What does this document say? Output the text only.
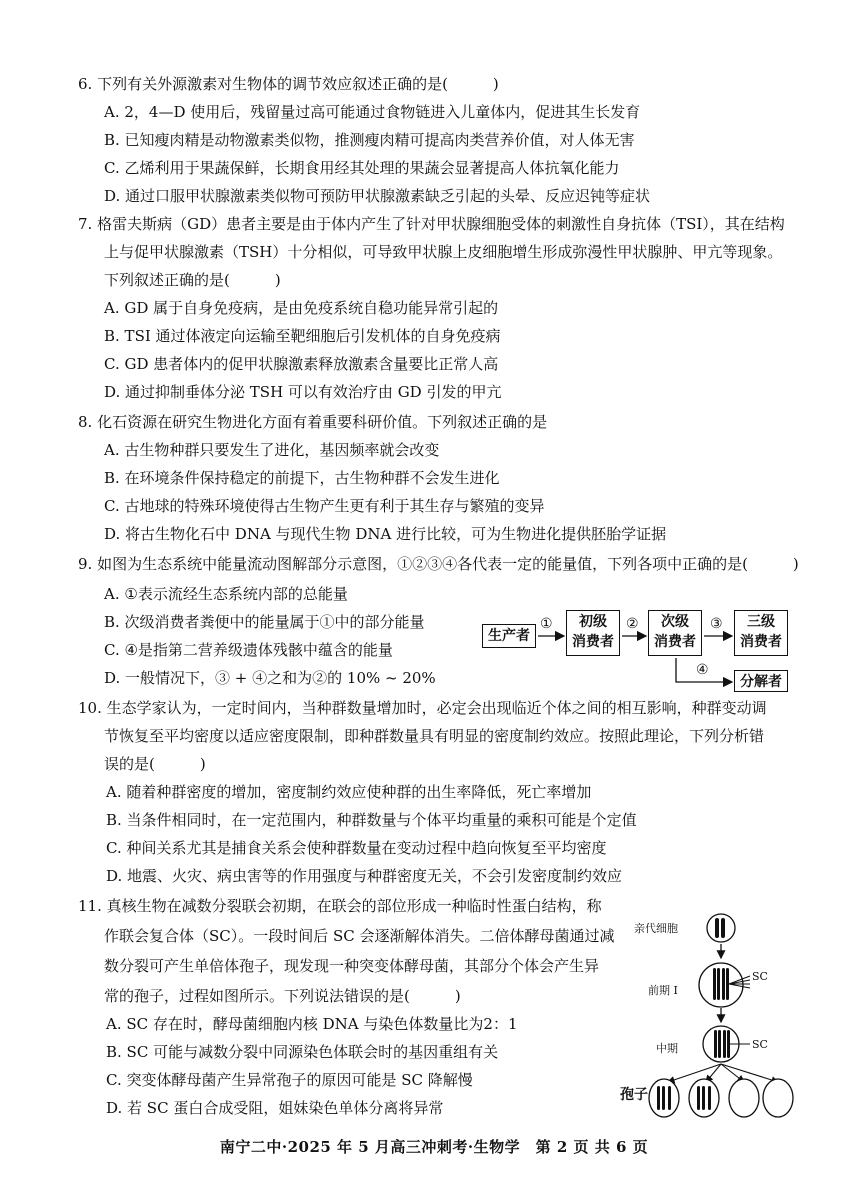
6. 下列有关外源激素对生物体的调节效应叙述正确的是(　　　)
A. 2，4—D 使用后，残留量过高可能通过食物链进入儿童体内，促进其生长发育
B. 已知瘦肉精是动物激素类似物，推测瘦肉精可提高肉类营养价值，对人体无害
C. 乙烯利用于果蔬保鲜，长期食用经其处理的果蔬会显著提高人体抗氧化能力
D. 通过口服甲状腺激素类似物可预防甲状腺激素缺乏引起的头晕、反应迟钝等症状
7. 格雷夫斯病（GD）患者主要是由于体内产生了针对甲状腺细胞受体的刺激性自身抗体（TSI），其在结构
上与促甲状腺激素（TSH）十分相似，可导致甲状腺上皮细胞增生形成弥漫性甲状腺肿、甲亢等现象。
下列叙述正确的是(　　　)
A. GD 属于自身免疫病，是由免疫系统自稳功能异常引起的
B. TSI 通过体液定向运输至靶细胞后引发机体的自身免疫病
C. GD 患者体内的促甲状腺激素释放激素含量要比正常人高
D. 通过抑制垂体分泌 TSH 可以有效治疗由 GD 引发的甲亢
8. 化石资源在研究生物进化方面有着重要科研价值。下列叙述正确的是
A. 古生物种群只要发生了进化，基因频率就会改变
B. 在环境条件保持稳定的前提下，古生物种群不会发生进化
C. 古地球的特殊环境使得古生物产生更有利于其生存与繁殖的变异
D. 将古生物化石中 DNA 与现代生物 DNA 进行比较，可为生物进化提供胚胎学证据
9. 如图为生态系统中能量流动图解部分示意图，①②③④各代表一定的能量值，下列各项中正确的是(　　　)
A. ①表示流经生态系统内部的总能量
B. 次级消费者粪便中的能量属于①中的部分能量
C. ④是指第二营养级遗体残骸中蕴含的能量
D. 一般情况下，③ + ④之和为②的 10% ~ 20%
10. 生态学家认为，一定时间内，当种群数量增加时，必定会出现临近个体之间的相互影响，种群变动调
节恢复至平均密度以适应密度限制，即种群数量具有明显的密度制约效应。按照此理论，下列分析错
误的是(　　　)
A. 随着种群密度的增加，密度制约效应使种群的出生率降低，死亡率增加
B. 当条件相同时，在一定范围内，种群数量与个体平均重量的乘积可能是个定值
C. 种间关系尤其是捕食关系会使种群数量在变动过程中趋向恢复至平均密度
D. 地震、火灾、病虫害等的作用强度与种群密度无关，不会引发密度制约效应
11. 真核生物在减数分裂联会初期，在联会的部位形成一种临时性蛋白结构，称
作联会复合体（SC）。一段时间后 SC 会逐渐解体消失。二倍体酵母菌通过减
数分裂可产生单倍体孢子，现发现一种突变体酵母菌，其部分个体会产生异
常的孢子，过程如图所示。下列说法错误的是(　　　)
A. SC 存在时，酵母菌细胞内核 DNA 与染色体数量比为2：1
B. SC 可能与减数分裂中同源染色体联会时的基因重组有关
C. 突变体酵母菌产生异常孢子的原因可能是 SC 降解慢
D. 若 SC 蛋白合成受阻，姐妹染色单体分离将异常
生产者
初级
消费者
次级
消费者
三级
消费者
分解者
①	②	③
④
亲代细胞
前期 I
中期
SC
SC
孢子
南宁二中·2025 年 5 月高三冲刺考·生物学　第 2 页 共 6 页
